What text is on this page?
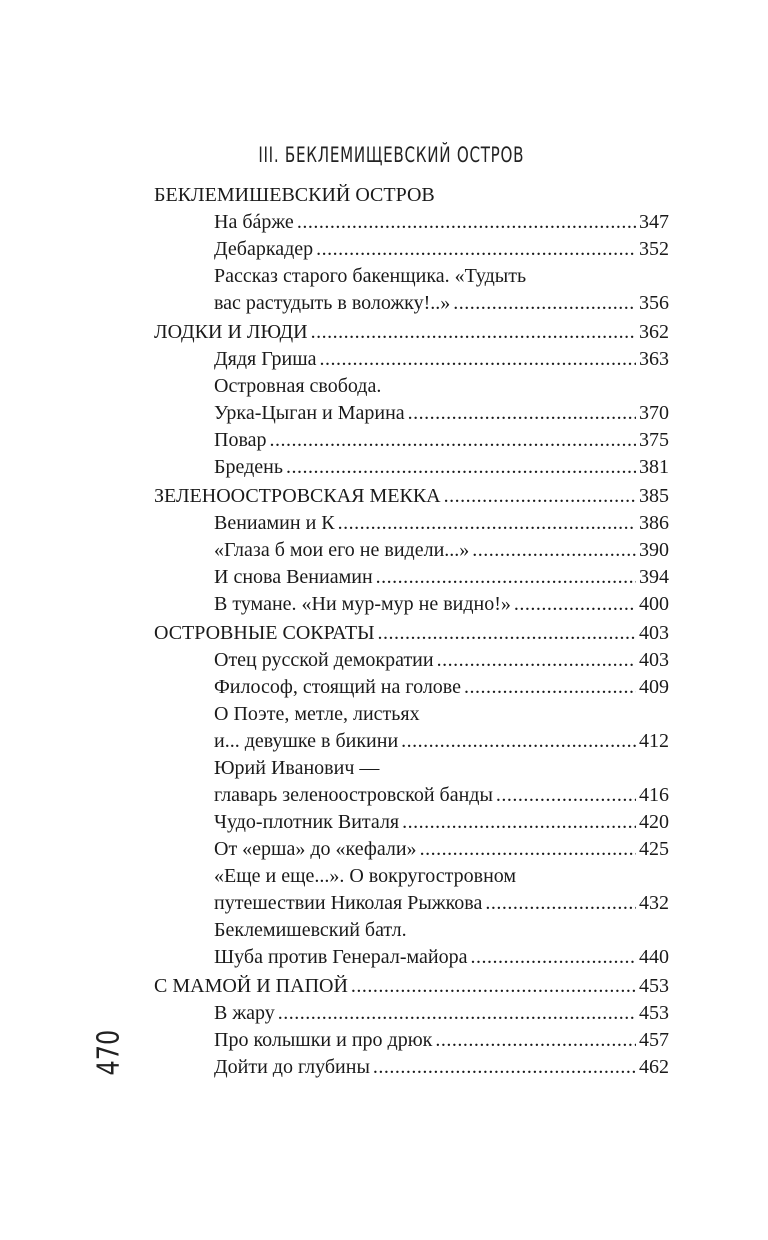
III. БЕКЛЕМИЩЕВСКИЙ ОСТРОВ
БЕКЛЕМИШЕВСКИЙ ОСТРОВ
На бáрже .....	347
Дебаркадер .....	352
Рассказ старого бакенщика. «Тудыть
вас растудыть в воложку!..» .....	356
ЛОДКИ И ЛЮДИ .....	362
Дядя Гриша .....	363
Островная свобода.
Урка-Цыган и Марина .....	370
Повар .....	375
Бредень .....	381
ЗЕЛЕНООСТРОВСКАЯ МЕККА .....	385
Вениамин и К .....	386
«Глаза б мои его не видели...» .....	390
И снова Вениамин .....	394
В тумане. «Ни мур-мур не видно!» .....	400
ОСТРОВНЫЕ СОКРАТЫ .....	403
Отец русской демократии .....	403
Философ, стоящий на голове .....	409
О Поэте, метле, листьях
и... девушке в бикини .....	412
Юрий Иванович —
главарь зеленоостровской банды .....	416
Чудо-плотник Виталя .....	420
От «ерша» до «кефали» .....	425
«Еще и еще...». О вокругостровном
путешествии Николая Рыжкова .....	432
Беклемишевский батл.
Шуба против Генерал-майора .....	440
С МАМОЙ И ПАПОЙ .....	453
В жару .....	453
Про колышки и про дрюк .....	457
Дойти до глубины .....	462
470
